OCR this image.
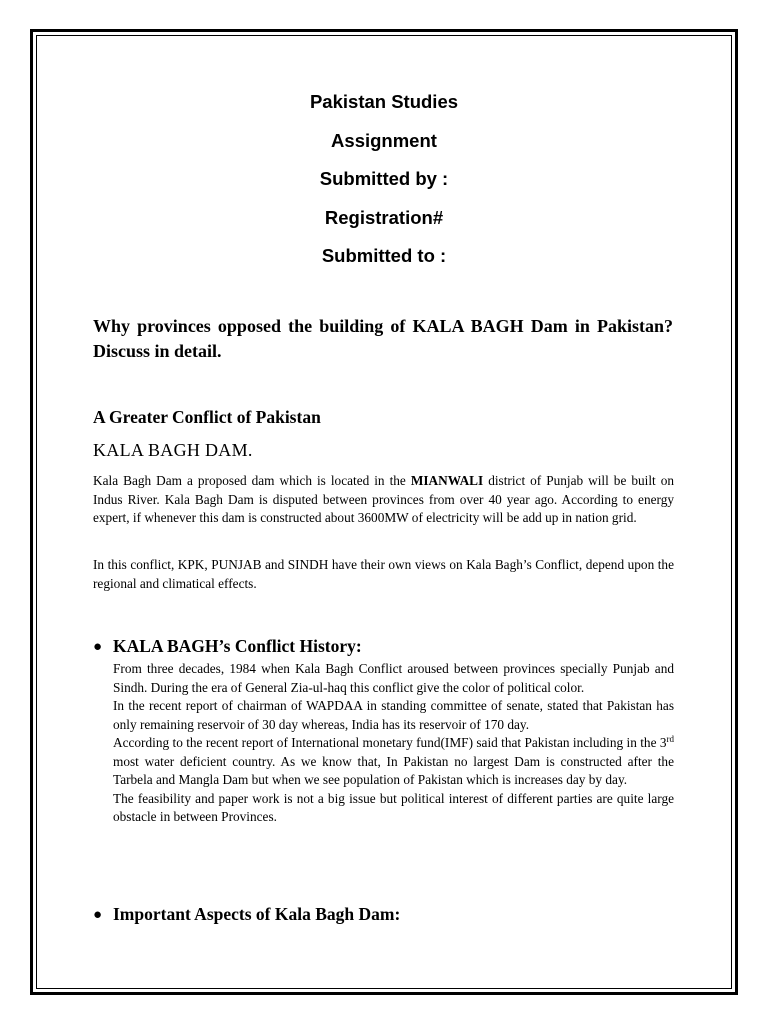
Pakistan Studies
Assignment
Submitted by :
Registration#
Submitted to :
Why provinces opposed the building of KALA BAGH Dam in Pakistan? Discuss in detail.
A Greater Conflict of Pakistan
KALA BAGH DAM.
Kala Bagh Dam a proposed dam which is located in the MIANWALI district of Punjab will be built on Indus River. Kala Bagh Dam is disputed between provinces from over 40 year ago. According to energy expert, if whenever this dam is constructed about 3600MW of electricity will be add up in nation grid.
In this conflict, KPK, PUNJAB and SINDH have their own views on Kala Bagh’s Conflict, depend upon the regional and climatical effects.
● KALA BAGH’s Conflict History:

From three decades, 1984 when Kala Bagh Conflict aroused between provinces specially Punjab and Sindh. During the era of General Zia-ul-haq this conflict give the color of political color.

In the recent report of chairman of WAPDAA in standing committee of senate, stated that Pakistan has only remaining reservoir of 30 day whereas, India has its reservoir of 170 day.

According to the recent report of International monetary fund(IMF) said that Pakistan including in the 3rd most water deficient country. As we know that, In Pakistan no largest Dam is constructed after the Tarbela and Mangla Dam but when we see population of Pakistan which is increases day by day.

The feasibility and paper work is not a big issue but political interest of different parties are quite large obstacle in between Provinces.

● Important Aspects of Kala Bagh Dam:
